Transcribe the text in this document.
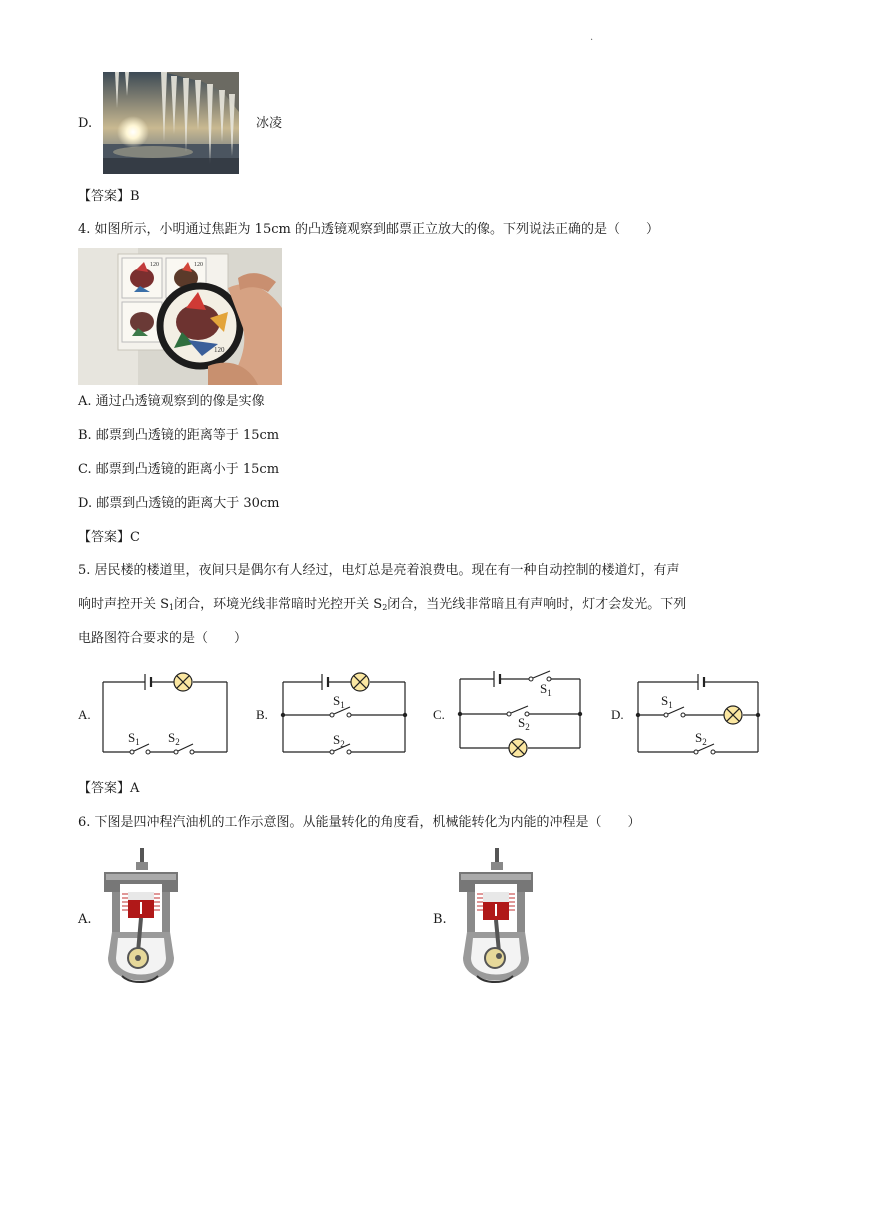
.
D.	冰凌
【答案】B
4. 如图所示，小明通过焦距为 15cm 的凸透镜观察到邮票正立放大的像。下列说法正确的是（　　）
120	120
120
A. 通过凸透镜观察到的像是实像
B. 邮票到凸透镜的距离等于 15cm
C. 邮票到凸透镜的距离小于 15cm
D. 邮票到凸透镜的距离大于 30cm
【答案】C
5. 居民楼的楼道里，夜间只是偶尔有人经过，电灯总是亮着浪费电。现在有一种自动控制的楼道灯，有声
响时声控开关 $S_1$闭合，环境光线非常暗时光控开关 $S_2$闭合，当光线非常暗且有声响时，灯才会发光。下列
电路图符合要求的是（　　）
A.	B.	C.	D.
$S_1$ $S_2$
$S_1$
$S_2$
$S_1$
$S_2$
$S_1$
$S_2$
【答案】A
6. 下图是四冲程汽油机的工作示意图。从能量转化的角度看，机械能转化为内能的冲程是（　　）
A.	B.
